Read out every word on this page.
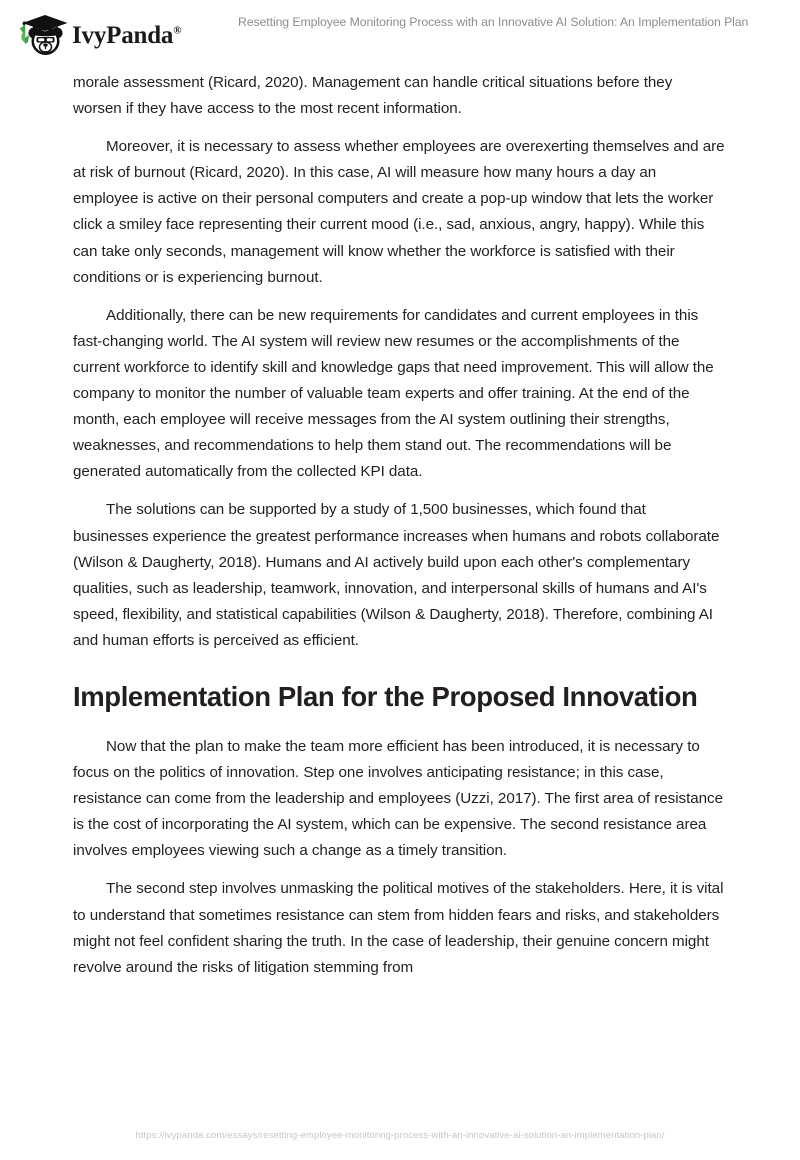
IvyPanda®
Resetting Employee Monitoring Process with an Innovative AI Solution: An Implementation Plan

morale assessment (Ricard, 2020). Management can handle critical situations before they worsen if they have access to the most recent information.

Moreover, it is necessary to assess whether employees are overexerting themselves and are at risk of burnout (Ricard, 2020). In this case, AI will measure how many hours a day an employee is active on their personal computers and create a pop-up window that lets the worker click a smiley face representing their current mood (i.e., sad, anxious, angry, happy). While this can take only seconds, management will know whether the workforce is satisfied with their conditions or is experiencing burnout.

Additionally, there can be new requirements for candidates and current employees in this fast-changing world. The AI system will review new resumes or the accomplishments of the current workforce to identify skill and knowledge gaps that need improvement. This will allow the company to monitor the number of valuable team experts and offer training. At the end of the month, each employee will receive messages from the AI system outlining their strengths, weaknesses, and recommendations to help them stand out. The recommendations will be generated automatically from the collected KPI data.

The solutions can be supported by a study of 1,500 businesses, which found that businesses experience the greatest performance increases when humans and robots collaborate (Wilson & Daugherty, 2018). Humans and AI actively build upon each other's complementary qualities, such as leadership, teamwork, innovation, and interpersonal skills of humans and AI's speed, flexibility, and statistical capabilities (Wilson & Daugherty, 2018). Therefore, combining AI and human efforts is perceived as efficient.

Implementation Plan for the Proposed Innovation

Now that the plan to make the team more efficient has been introduced, it is necessary to focus on the politics of innovation. Step one involves anticipating resistance; in this case, resistance can come from the leadership and employees (Uzzi, 2017). The first area of resistance is the cost of incorporating the AI system, which can be expensive. The second resistance area involves employees viewing such a change as a timely transition.

The second step involves unmasking the political motives of the stakeholders. Here, it is vital to understand that sometimes resistance can stem from hidden fears and risks, and stakeholders might not feel confident sharing the truth. In the case of leadership, their genuine concern might revolve around the risks of litigation stemming from

https://ivypanda.com/essays/resetting-employee-monitoring-process-with-an-innovative-ai-solution-an-implementation-plan/
